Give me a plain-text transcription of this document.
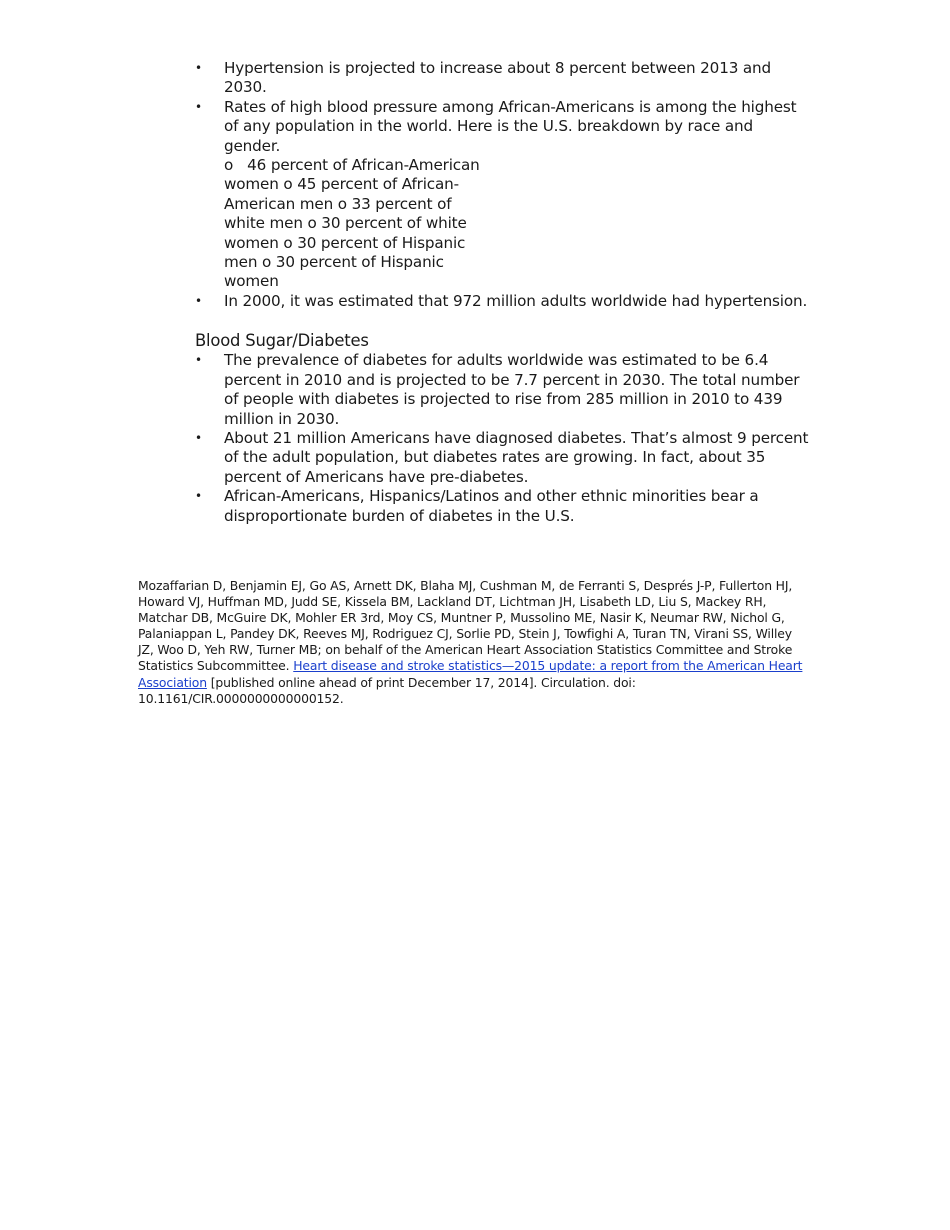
•	Hypertension is projected to increase about 8 percent between 2013 and 2030.
•	Rates of high blood pressure among African-Americans is among the highest of any population in the world. Here is the U.S. breakdown by race and gender.
o 46 percent of African-American women o 45 percent of African-American men o 33 percent of white men o 30 percent of white women o 30 percent of Hispanic men o 30 percent of Hispanic women
•	In 2000, it was estimated that 972 million adults worldwide had hypertension.
Blood Sugar/Diabetes
•	The prevalence of diabetes for adults worldwide was estimated to be 6.4 percent in 2010 and is projected to be 7.7 percent in 2030. The total number of people with diabetes is projected to rise from 285 million in 2010 to 439 million in 2030.
•	About 21 million Americans have diagnosed diabetes. That’s almost 9 percent of the adult population, but diabetes rates are growing. In fact, about 35 percent of Americans have pre-diabetes.
•	African-Americans, Hispanics/Latinos and other ethnic minorities bear a disproportionate burden of diabetes in the U.S.
Mozaffarian D, Benjamin EJ, Go AS, Arnett DK, Blaha MJ, Cushman M, de Ferranti S, Després J-P, Fullerton HJ, Howard VJ, Huffman MD, Judd SE, Kissela BM, Lackland DT, Lichtman JH, Lisabeth LD, Liu S, Mackey RH, Matchar DB, McGuire DK, Mohler ER 3rd, Moy CS, Muntner P, Mussolino ME, Nasir K, Neumar RW, Nichol G, Palaniappan L, Pandey DK, Reeves MJ, Rodriguez CJ, Sorlie PD, Stein J, Towfighi A, Turan TN, Virani SS, Willey JZ, Woo D, Yeh RW, Turner MB; on behalf of the American Heart Association Statistics Committee and Stroke Statistics Subcommittee. Heart disease and stroke statistics—2015 update: a report from the American Heart Association [published online ahead of print December 17, 2014]. Circulation. doi: 10.1161/CIR.0000000000000152.
